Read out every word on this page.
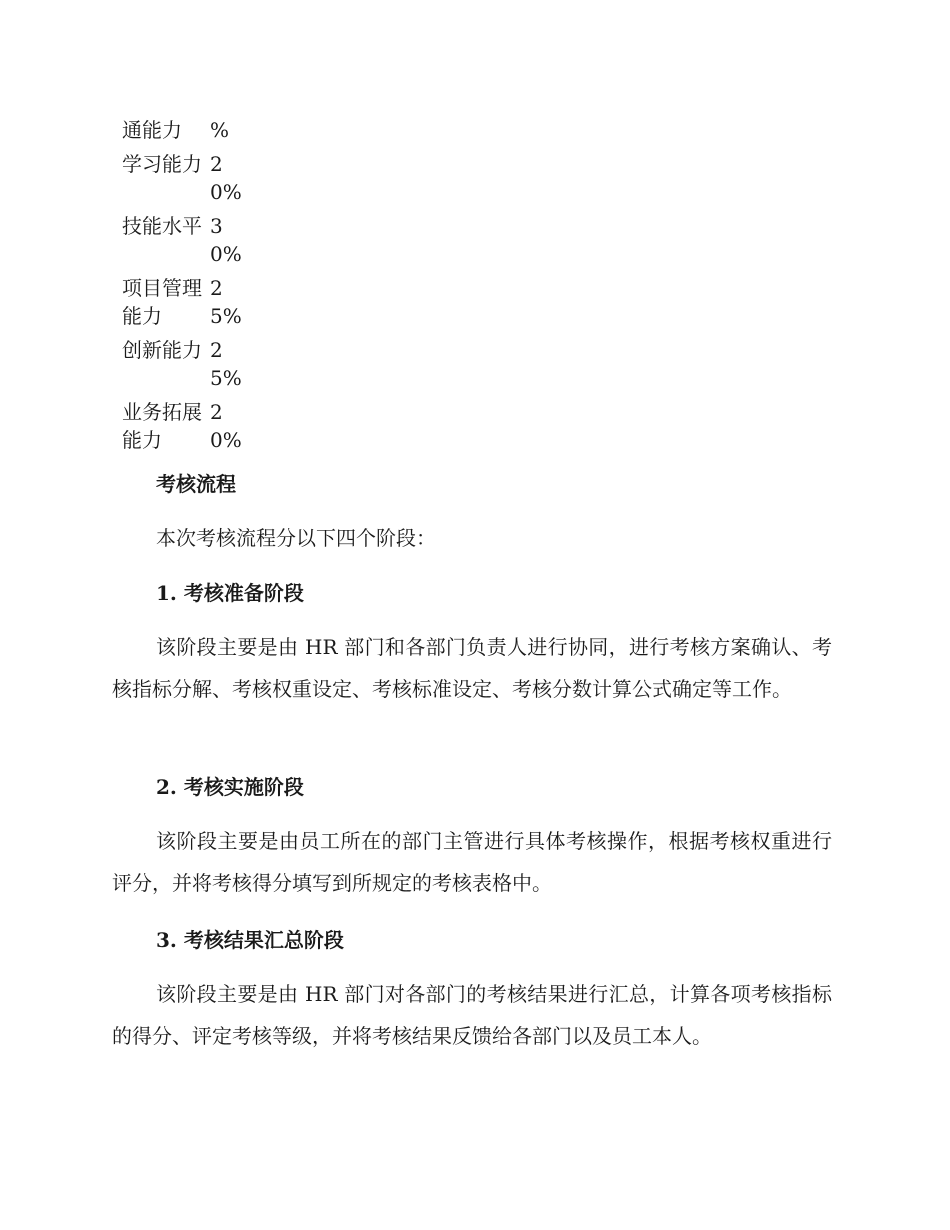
通能力	%
学习能力	20%
技能水平	30%
项目管理能力	25%
创新能力	25%
业务拓展能力	20%
考核流程

本次考核流程分以下四个阶段：

1. 考核准备阶段

该阶段主要是由 HR 部门和各部门负责人进行协同，进行考核方案确认、考核指标分解、考核权重设定、考核标准设定、考核分数计算公式确定等工作。

2. 考核实施阶段

该阶段主要是由员工所在的部门主管进行具体考核操作，根据考核权重进行评分，并将考核得分填写到所规定的考核表格中。

3. 考核结果汇总阶段

该阶段主要是由 HR 部门对各部门的考核结果进行汇总，计算各项考核指标的得分、评定考核等级，并将考核结果反馈给各部门以及员工本人。
